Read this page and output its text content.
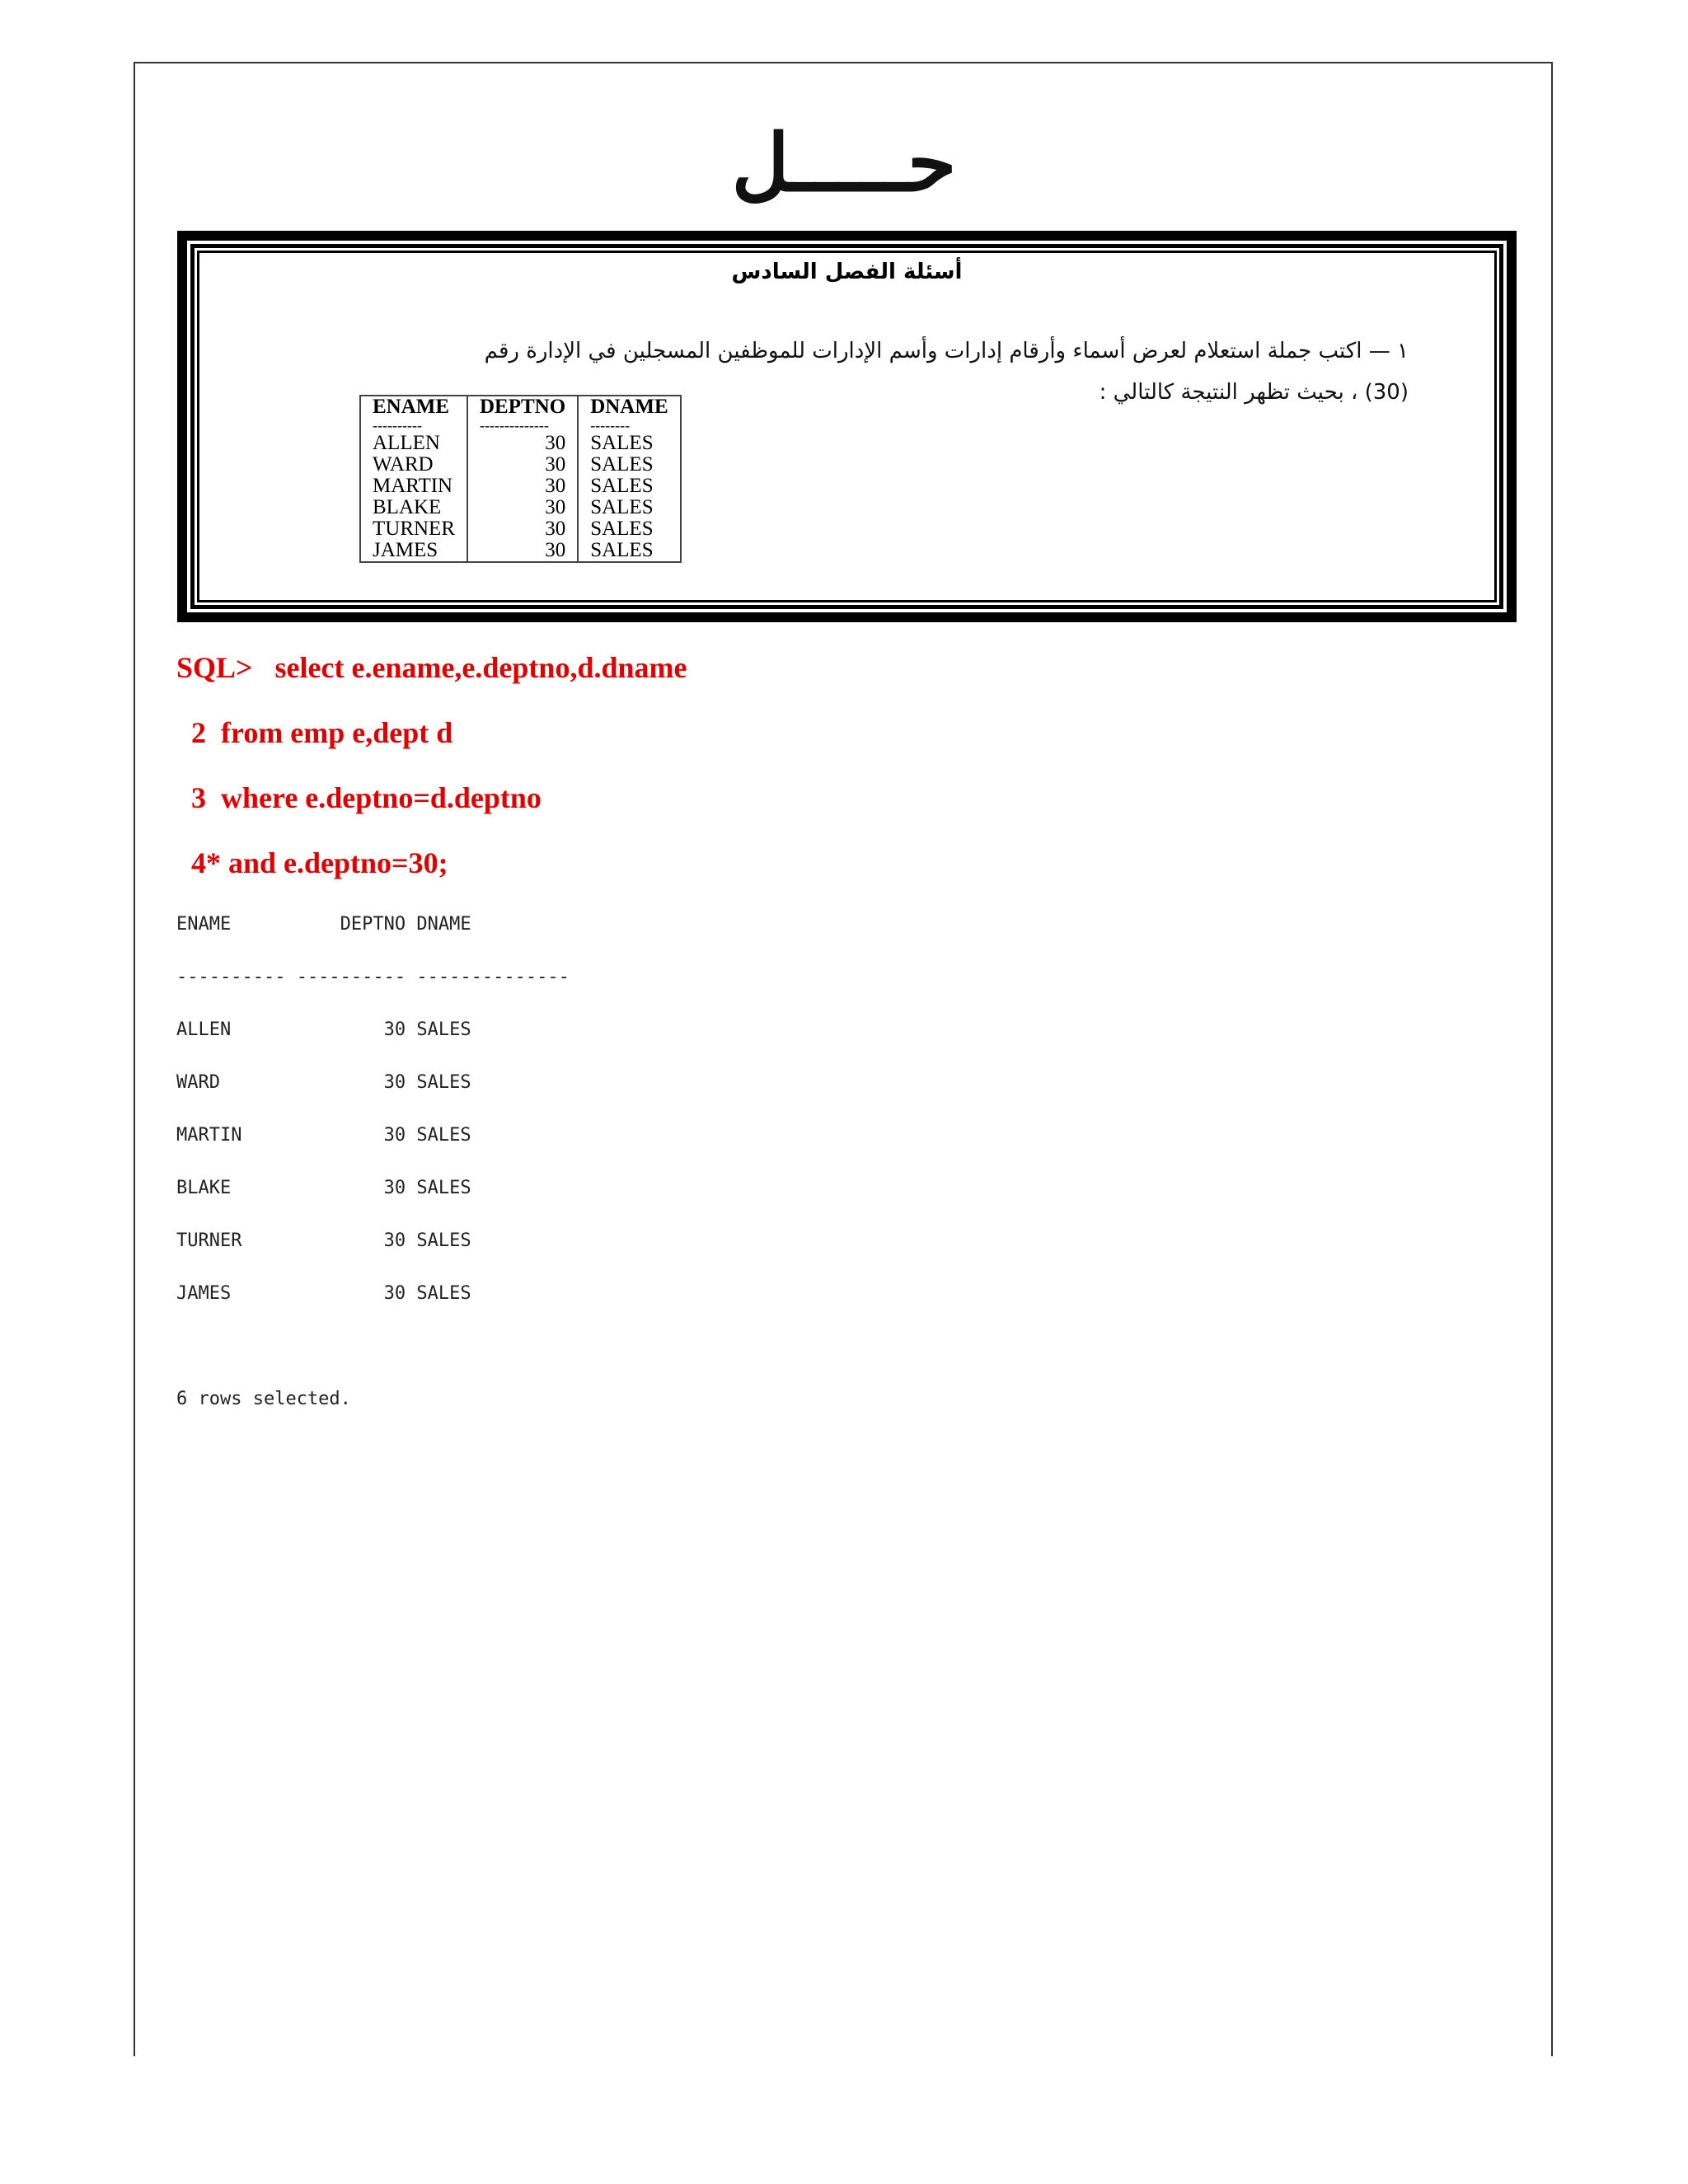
حـــــل
أسئلة الفصل السادس
١ — اكتب جملة استعلام لعرض أسماء وأرقام إدارات وأسم الإدارات للموظفين المسجلين في الإدارة رقم
(30) ، بحيث تظهر النتيجة كالتالي :
ENAME	DEPTNO	DNAME
----------	--------------	--------
ALLEN	30	SALES
WARD	30	SALES
MARTIN	30	SALES
BLAKE	30	SALES
TURNER	30	SALES
JAMES	30	SALES
SQL>   select e.ename,e.deptno,d.dname
2  from emp e,dept d
3  where e.deptno=d.deptno
4* and e.deptno=30;
ENAME          DEPTNO DNAME
---------- ---------- --------------
ALLEN              30 SALES
WARD               30 SALES
MARTIN             30 SALES
BLAKE              30 SALES
TURNER             30 SALES
JAMES              30 SALES
6 rows selected.
